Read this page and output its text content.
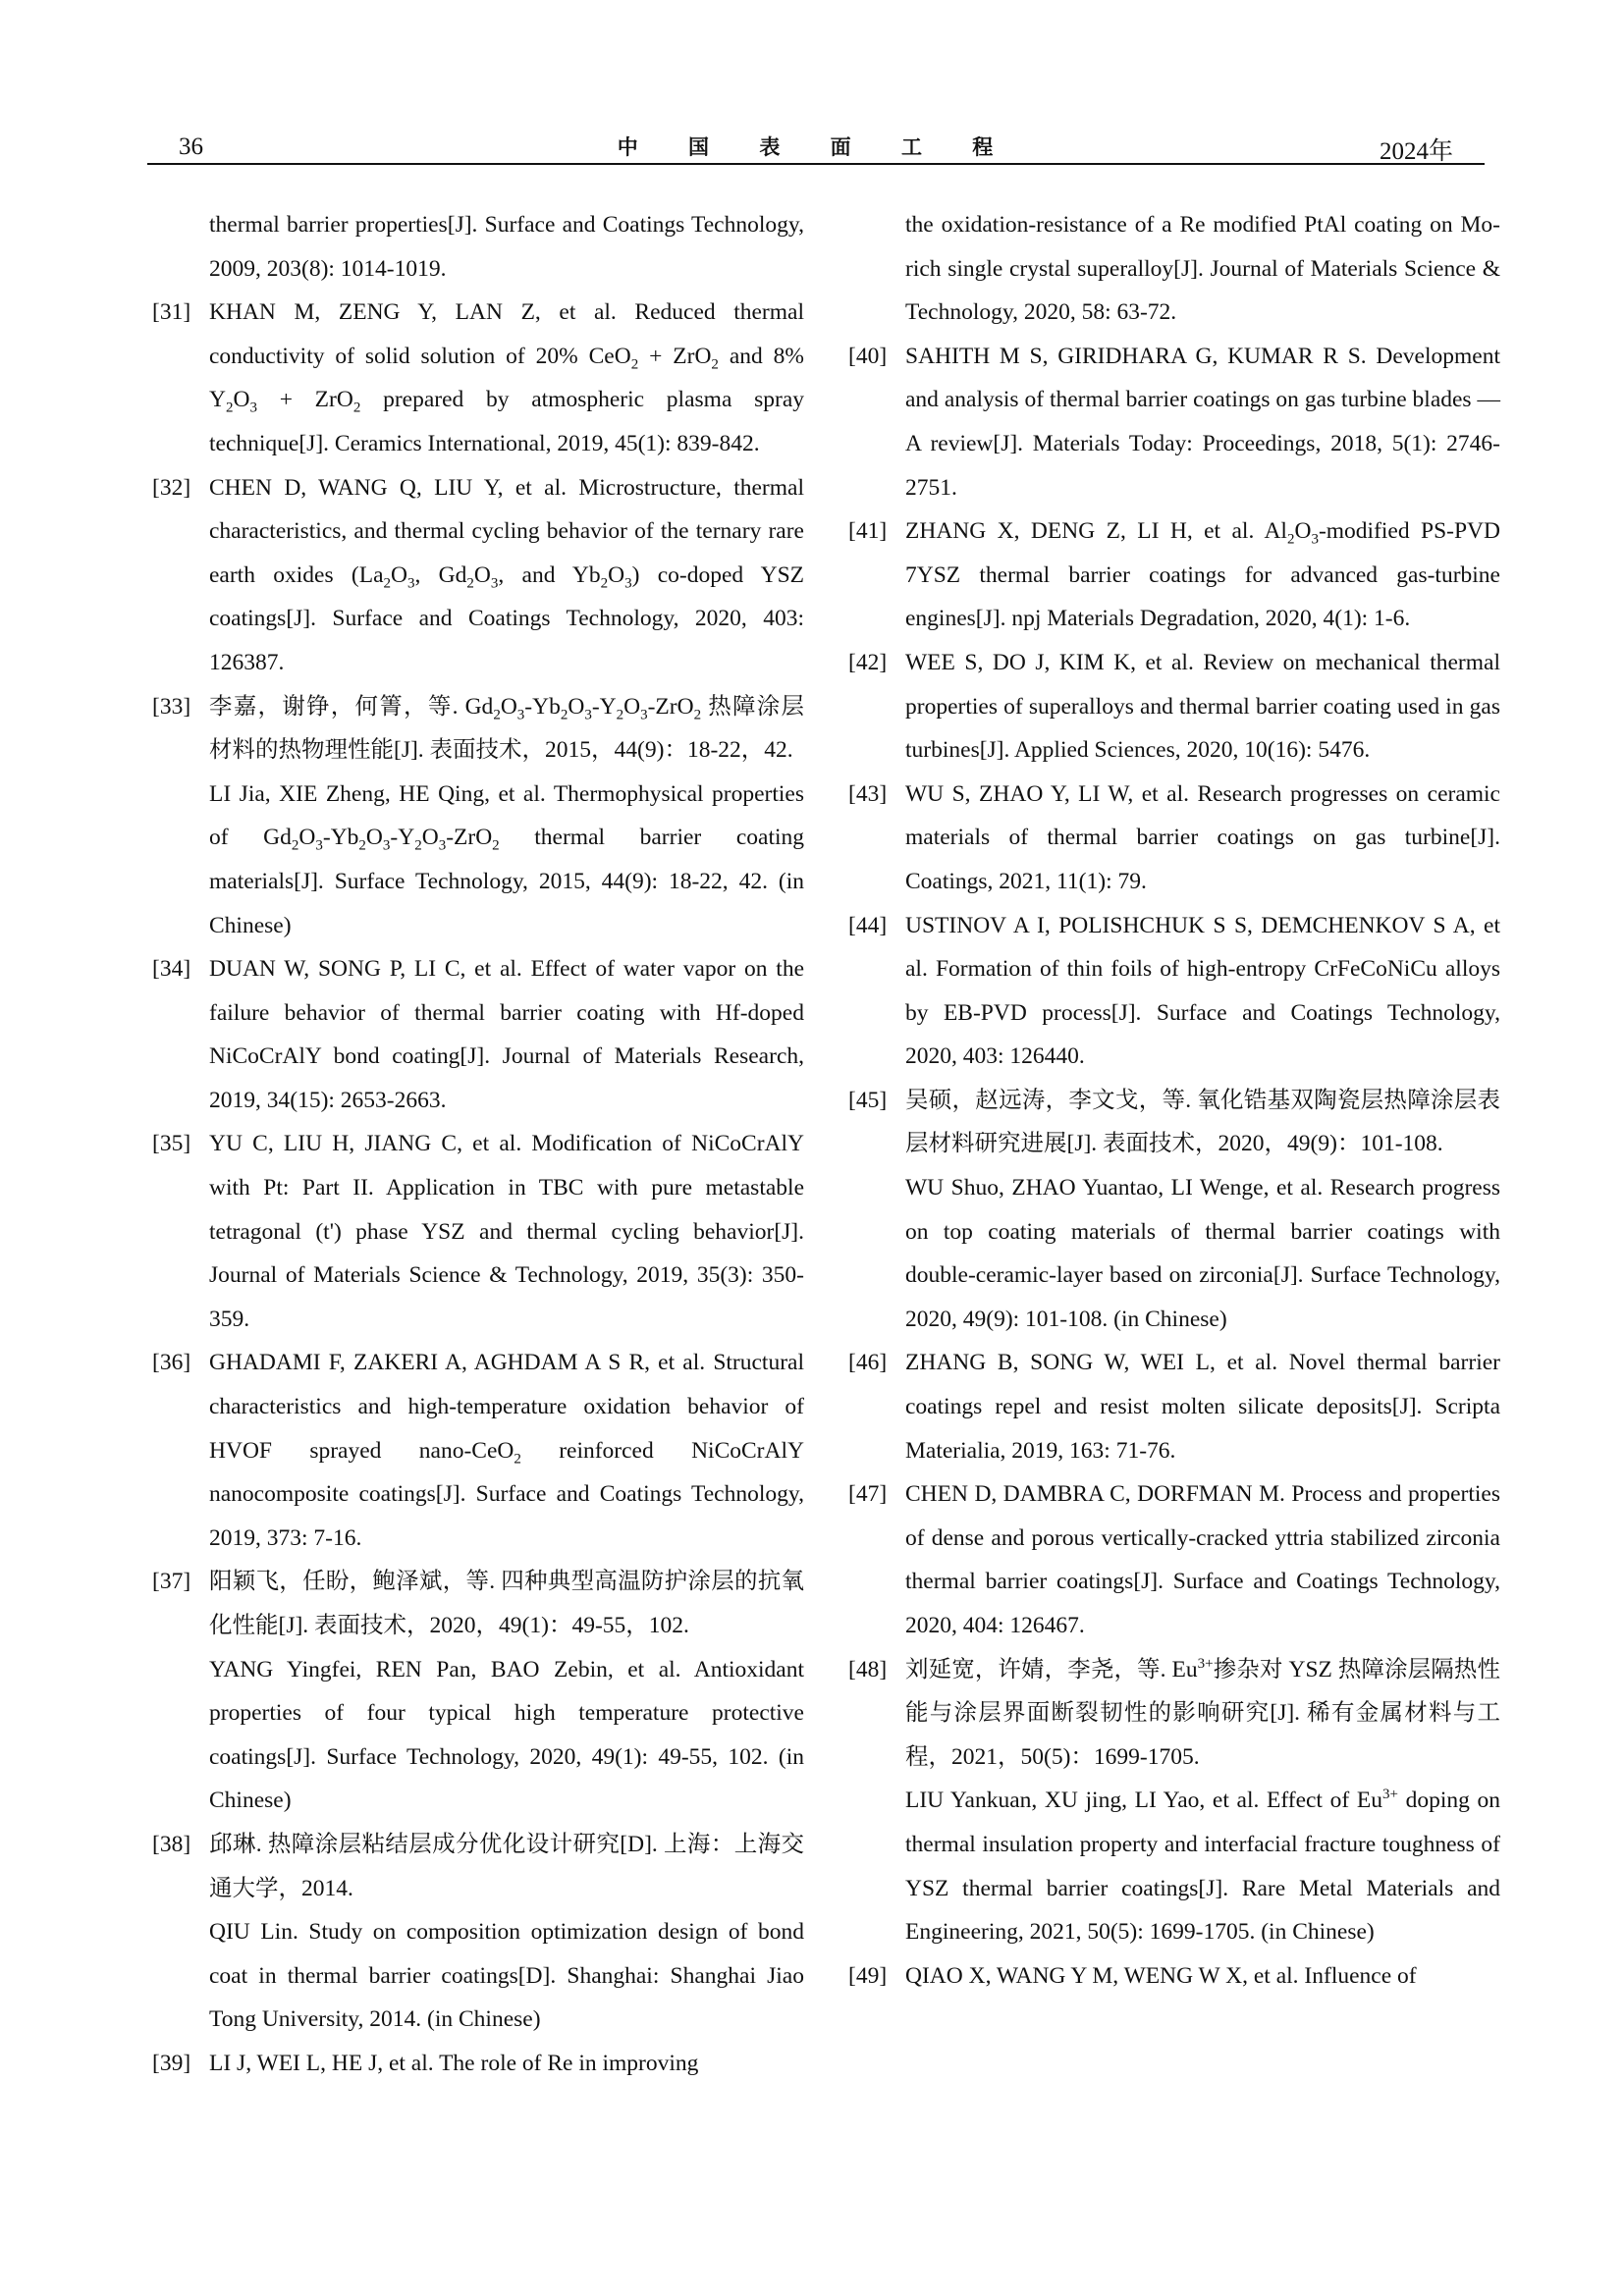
36	中 国 表 面 工 程	2024年

thermal barrier properties[J]. Surface and Coatings Technology, 2009, 203(8): 1014-1019.

[31] KHAN M, ZENG Y, LAN Z, et al. Reduced thermal conductivity of solid solution of 20% CeO$_2$ + ZrO$_2$ and 8% $Y_2O_3 + ZrO_2$ prepared by atmospheric plasma spray technique[J]. Ceramics International, 2019, 45(1): 839-842.

[32] CHEN D, WANG Q, LIU Y, et al. Microstructure, thermal characteristics, and thermal cycling behavior of the ternary rare earth oxides ($La_2O_3$, $Gd_2O_3$, and $Yb_2O_3$) co-doped YSZ coatings[J]. Surface and Coatings Technology, 2020, 403: 126387.

[33] 李嘉，谢铮，何箐，等. $Gd_2O_3-Yb_2O_3-Y_2O_3-ZrO_2$ 热障涂层材料的热物理性能[J]. 表面技术，2015，44(9)：18-22，42.

LI Jia, XIE Zheng, HE Qing, et al. Thermophysical properties of $Gd_2O_3-Yb_2O_3-Y_2O_3-ZrO_2$ thermal barrier coating materials[J]. Surface Technology, 2015, 44(9): 18-22, 42. (in Chinese)

[34] DUAN W, SONG P, LI C, et al. Effect of water vapor on the failure behavior of thermal barrier coating with Hf-doped NiCoCrAlY bond coating[J]. Journal of Materials Research, 2019, 34(15): 2653-2663.

[35] YU C, LIU H, JIANG C, et al. Modification of NiCoCrAlY with Pt: Part II. Application in TBC with pure metastable tetragonal (t') phase YSZ and thermal cycling behavior[J]. Journal of Materials Science & Technology, 2019, 35(3): 350-359.

[36] GHADAMI F, ZAKERI A, AGHDAM A S R, et al. Structural characteristics and high-temperature oxidation behavior of HVOF sprayed nano-CeO$_2$ reinforced NiCoCrAlY nanocomposite coatings[J]. Surface and Coatings Technology, 2019, 373: 7-16.

[37] 阳颖飞，任盼，鲍泽斌，等. 四种典型高温防护涂层的抗氧化性能[J]. 表面技术，2020，49(1)：49-55，102.

YANG Yingfei, REN Pan, BAO Zebin, et al. Antioxidant properties of four typical high temperature protective coatings[J]. Surface Technology, 2020, 49(1): 49-55, 102. (in Chinese)

[38] 邱琳. 热障涂层粘结层成分优化设计研究[D]. 上海：上海交通大学，2014.

QIU Lin. Study on composition optimization design of bond coat in thermal barrier coatings[D]. Shanghai: Shanghai Jiao Tong University, 2014. (in Chinese)

[39] LI J, WEI L, HE J, et al. The role of Re in improving

the oxidation-resistance of a Re modified PtAl coating on Mo-rich single crystal superalloy[J]. Journal of Materials Science & Technology, 2020, 58: 63-72.

[40] SAHITH M S, GIRIDHARA G, KUMAR R S. Development and analysis of thermal barrier coatings on gas turbine blades — A review[J]. Materials Today: Proceedings, 2018, 5(1): 2746-2751.

[41] ZHANG X, DENG Z, LI H, et al. $Al_2O_3$-modified PS-PVD 7YSZ thermal barrier coatings for advanced gas-turbine engines[J]. npj Materials Degradation, 2020, 4(1): 1-6.

[42] WEE S, DO J, KIM K, et al. Review on mechanical thermal properties of superalloys and thermal barrier coating used in gas turbines[J]. Applied Sciences, 2020, 10(16): 5476.

[43] WU S, ZHAO Y, LI W, et al. Research progresses on ceramic materials of thermal barrier coatings on gas turbine[J]. Coatings, 2021, 11(1): 79.

[44] USTINOV A I, POLISHCHUK S S, DEMCHENKOV S A, et al. Formation of thin foils of high-entropy CrFeCoNiCu alloys by EB-PVD process[J]. Surface and Coatings Technology, 2020, 403: 126440.

[45] 吴硕，赵远涛，李文戈，等. 氧化锆基双陶瓷层热障涂层表层材料研究进展[J]. 表面技术，2020，49(9)：101-108.

WU Shuo, ZHAO Yuantao, LI Wenge, et al. Research progress on top coating materials of thermal barrier coatings with double-ceramic-layer based on zirconia[J]. Surface Technology, 2020, 49(9): 101-108. (in Chinese)

[46] ZHANG B, SONG W, WEI L, et al. Novel thermal barrier coatings repel and resist molten silicate deposits[J]. Scripta Materialia, 2019, 163: 71-76.

[47] CHEN D, DAMBRA C, DORFMAN M. Process and properties of dense and porous vertically-cracked yttria stabilized zirconia thermal barrier coatings[J]. Surface and Coatings Technology, 2020, 404: 126467.

[48] 刘延宽，许婧，李尧，等. $Eu^{3+}$掺杂对 YSZ 热障涂层隔热性能与涂层界面断裂韧性的影响研究[J]. 稀有金属材料与工程，2021，50(5)：1699-1705.

LIU Yankuan, XU jing, LI Yao, et al. Effect of $Eu^{3+}$ doping on thermal insulation property and interfacial fracture toughness of YSZ thermal barrier coatings[J]. Rare Metal Materials and Engineering, 2021, 50(5): 1699-1705. (in Chinese)

[49] QIAO X, WANG Y M, WENG W X, et al. Influence of
